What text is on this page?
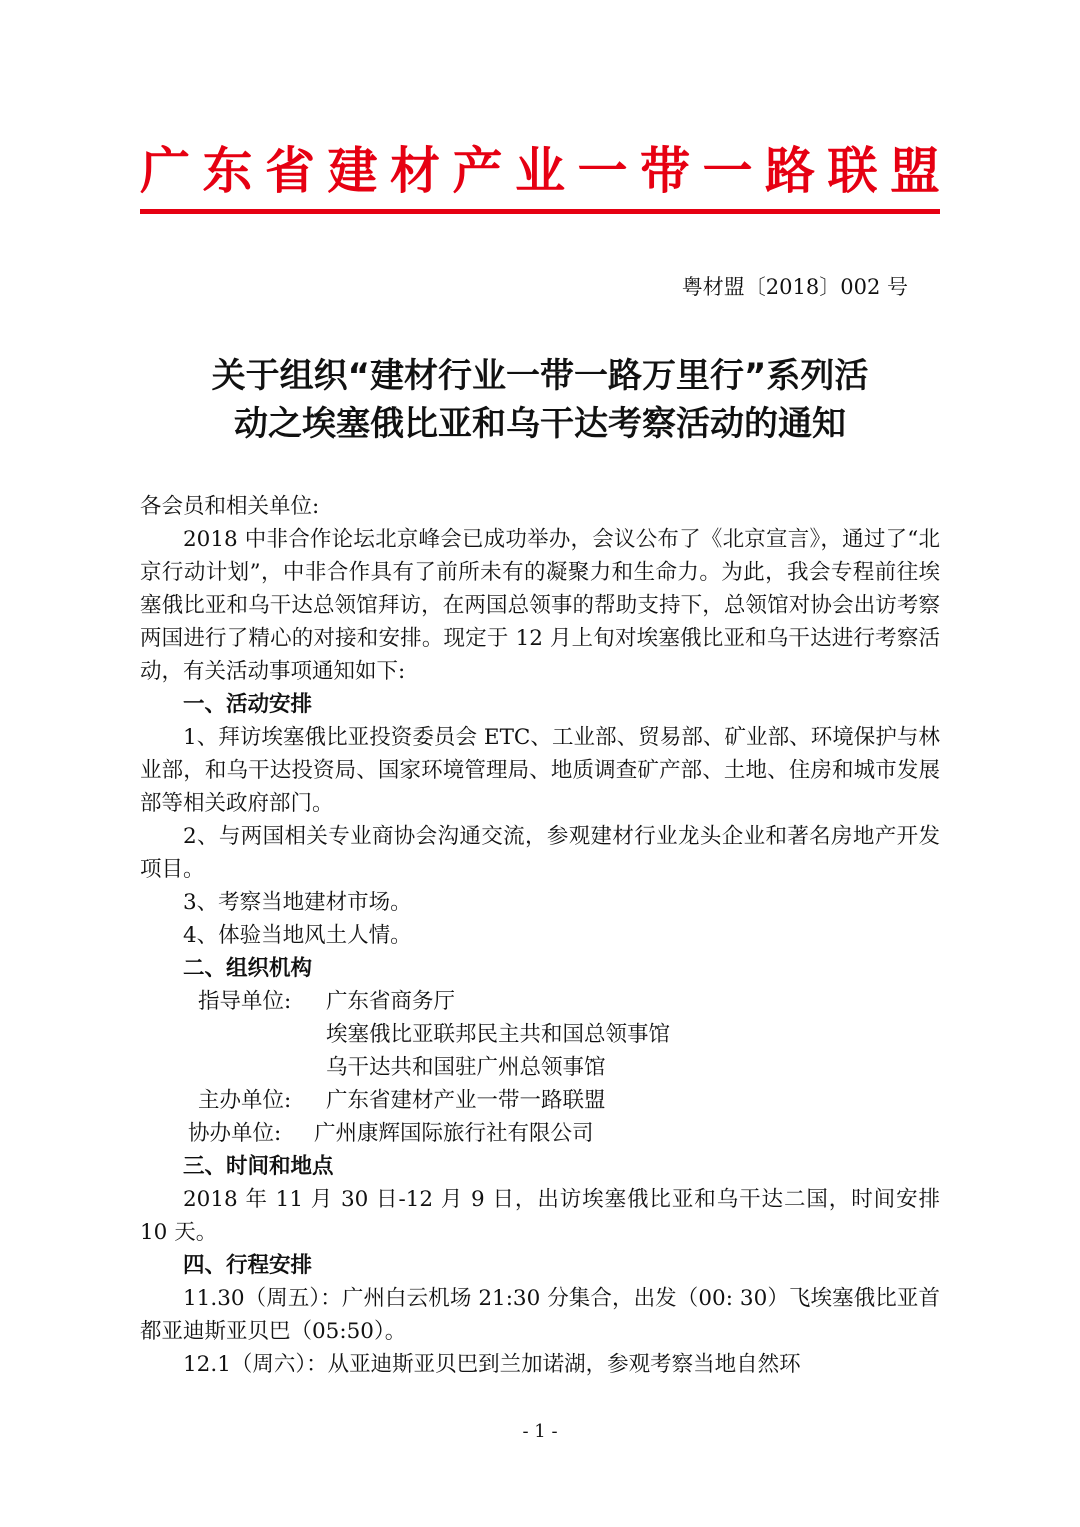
广东省建材产业一带一路联盟
粤材盟〔2018〕002 号
关于组织“建材行业一带一路万里行”系列活
动之埃塞俄比亚和乌干达考察活动的通知

各会员和相关单位:

2018 中非合作论坛北京峰会已成功举办，会议公布了《北京宣言》，通过了“北京行动计划”，中非合作具有了前所未有的凝聚力和生命力。为此，我会专程前往埃塞俄比亚和乌干达总领馆拜访，在两国总领事的帮助支持下，总领馆对协会出访考察两国进行了精心的对接和安排。现定于 12 月上旬对埃塞俄比亚和乌干达进行考察活动，有关活动事项通知如下:

一、活动安排

1、拜访埃塞俄比亚投资委员会 ETC、工业部、贸易部、矿业部、环境保护与林业部，和乌干达投资局、国家环境管理局、地质调查矿产部、土地、住房和城市发展部等相关政府部门。

2、与两国相关专业商协会沟通交流，参观建材行业龙头企业和著名房地产开发项目。

3、考察当地建材市场。

4、体验当地风土人情。

二、组织机构

指导单位:	广东省商务厅
埃塞俄比亚联邦民主共和国总领事馆
乌干达共和国驻广州总领事馆
主办单位:	广东省建材产业一带一路联盟
协办单位:	广州康辉国际旅行社有限公司

三、时间和地点

2018 年 11 月 30 日-12 月 9 日，出访埃塞俄比亚和乌干达二国，时间安排 10 天。

四、行程安排

11.30（周五）：广州白云机场 21:30 分集合，出发（00: 30）飞埃塞俄比亚首都亚迪斯亚贝巴（05:50）。

12.1（周六）：从亚迪斯亚贝巴到兰加诺湖，参观考察当地自然环

- 1 -
